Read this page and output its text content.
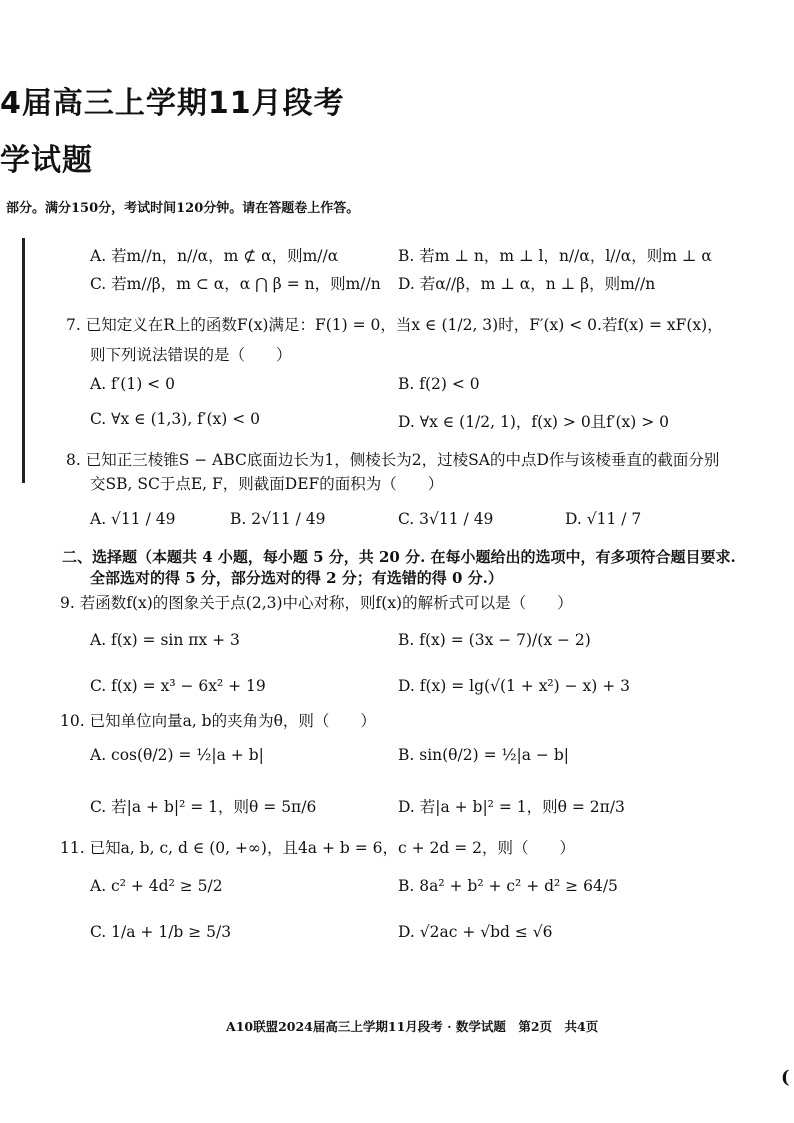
4届高三上学期11月段考
学试题
部分。满分150分，考试时间120分钟。请在答题卷上作答。
A. 若m//n，n//α，m ⊄ α，则m//α	B. 若m ⊥ n，m ⊥ l，n//α，l//α，则m ⊥ α
C. 若m//β，m ⊂ α，α ⋂ β = n，则m//n D. 若α//β，m ⊥ α，n ⊥ β，则m//n
7. 已知定义在R上的函数F(x)满足：F(1) = 0，当x ∈ (1/2, 3)时，F′(x) < 0.若f(x) = xF(x)，
则下列说法错误的是（　　）
A. f′(1) < 0	B. f(2) < 0
C. ∀x ∈ (1,3), f′(x) < 0	D. ∀x ∈ (1/2, 1)，f(x) > 0且f′(x) > 0
8. 已知正三棱锥S − ABC底面边长为1，侧棱长为2，过棱SA的中点D作与该棱垂直的截面分别
交SB, SC于点E, F，则截面DEF的面积为（　　）
A. √11 / 49	B. 2√11 / 49	C. 3√11 / 49	D. √11 / 7
二、选择题（本题共 4 小题，每小题 5 分，共 20 分. 在每小题给出的选项中，有多项符合题目要求.
全部选对的得 5 分，部分选对的得 2 分；有选错的得 0 分.）
9. 若函数f(x)的图象关于点(2,3)中心对称，则f(x)的解析式可以是（　　）
A. f(x) = sin πx + 3	B. f(x) = (3x − 7)/(x − 2)
C. f(x) = x³ − 6x² + 19	D. f(x) = lg(√(1 + x²) − x) + 3
10. 已知单位向量a, b的夹角为θ，则（　　）
A. cos(θ/2) = ½|a + b|	B. sin(θ/2) = ½|a − b|
C. 若|a + b|² = 1，则θ = 5π/6	D. 若|a + b|² = 1，则θ = 2π/3
11. 已知a, b, c, d ∈ (0, +∞)，且4a + b = 6，c + 2d = 2，则（　　）
A. c² + 4d² ≥ 5/2	B. 8a² + b² + c² + d² ≥ 64/5
C. 1/a + 1/b ≥ 5/3	D. √2ac + √bd ≤ √6
A10联盟2024届高三上学期11月段考 · 数学试题　第2页　共4页
(
